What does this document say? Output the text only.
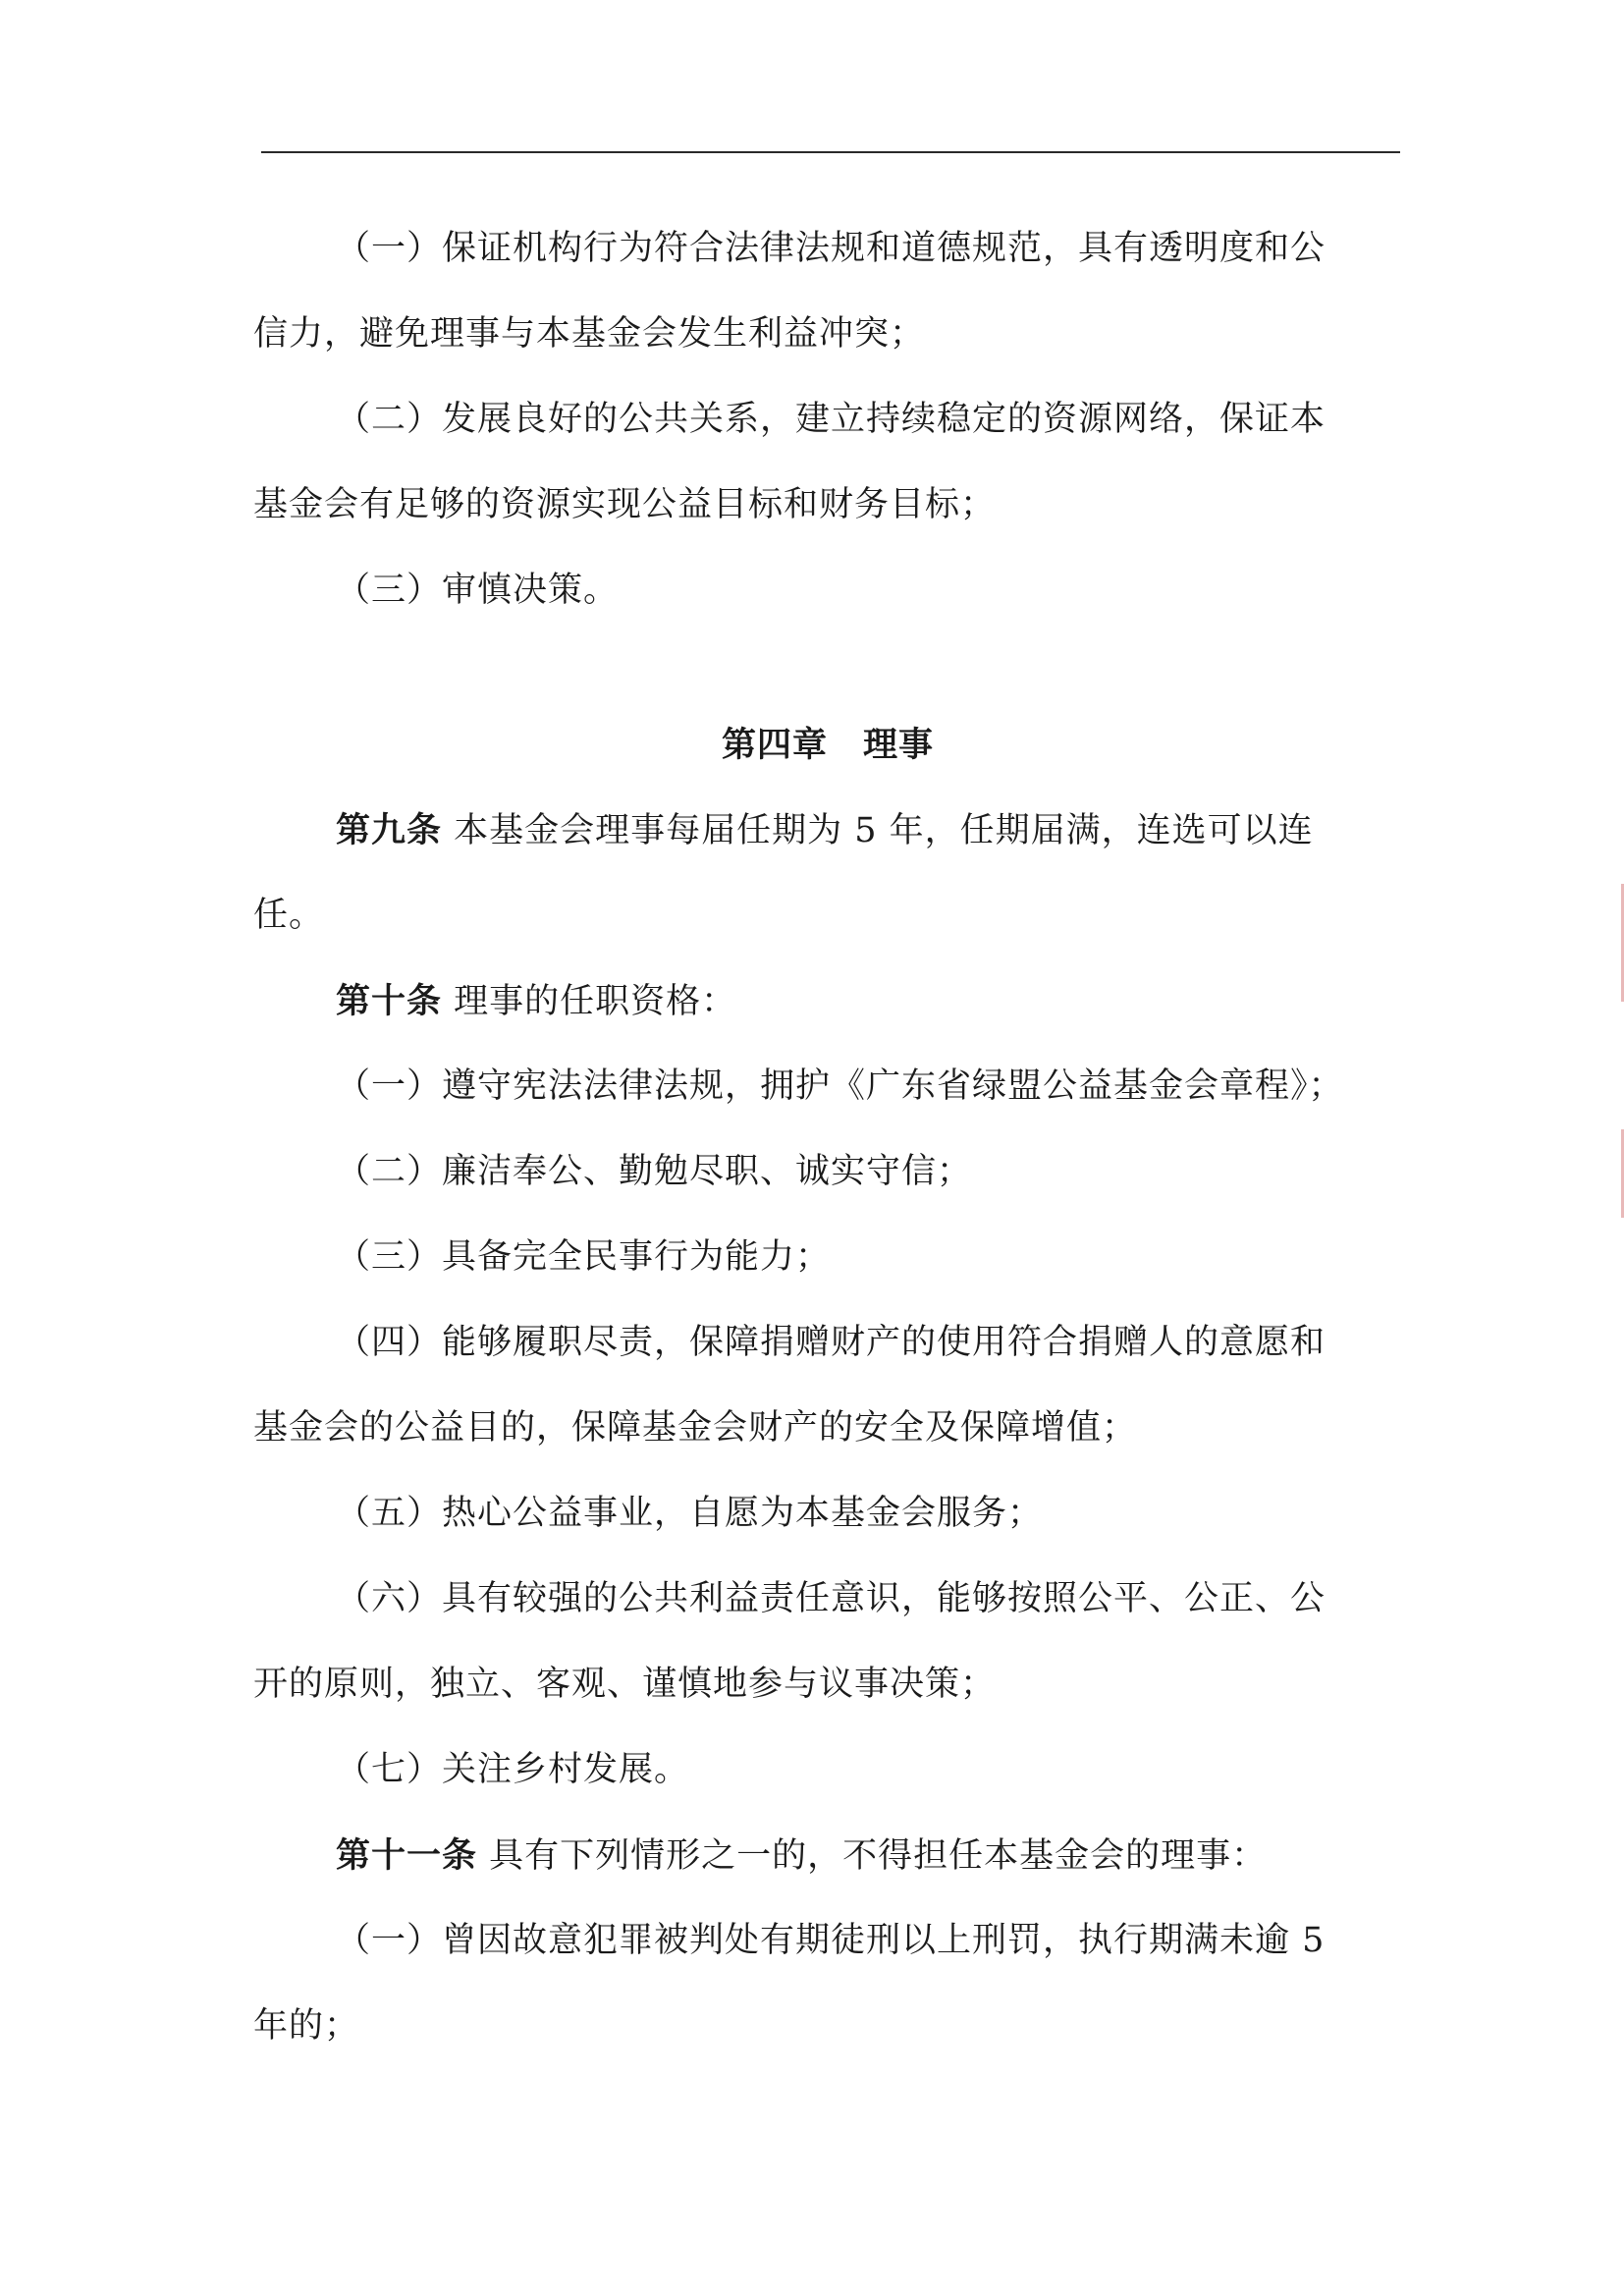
（一）保证机构行为符合法律法规和道德规范，具有透明度和公
信力，避免理事与本基金会发生利益冲突；
（二）发展良好的公共关系，建立持续稳定的资源网络，保证本
基金会有足够的资源实现公益目标和财务目标；
（三）审慎决策。
第四章　理事
第九条 本基金会理事每届任期为 5 年，任期届满，连选可以连
任。
第十条 理事的任职资格：
（一）遵守宪法法律法规，拥护《广东省绿盟公益基金会章程》；
（二）廉洁奉公、勤勉尽职、诚实守信；
（三）具备完全民事行为能力；
（四）能够履职尽责，保障捐赠财产的使用符合捐赠人的意愿和
基金会的公益目的，保障基金会财产的安全及保障增值；
（五）热心公益事业，自愿为本基金会服务；
（六）具有较强的公共利益责任意识，能够按照公平、公正、公
开的原则，独立、客观、谨慎地参与议事决策；
（七）关注乡村发展。
第十一条 具有下列情形之一的，不得担任本基金会的理事：
（一）曾因故意犯罪被判处有期徒刑以上刑罚，执行期满未逾 5
年的；
